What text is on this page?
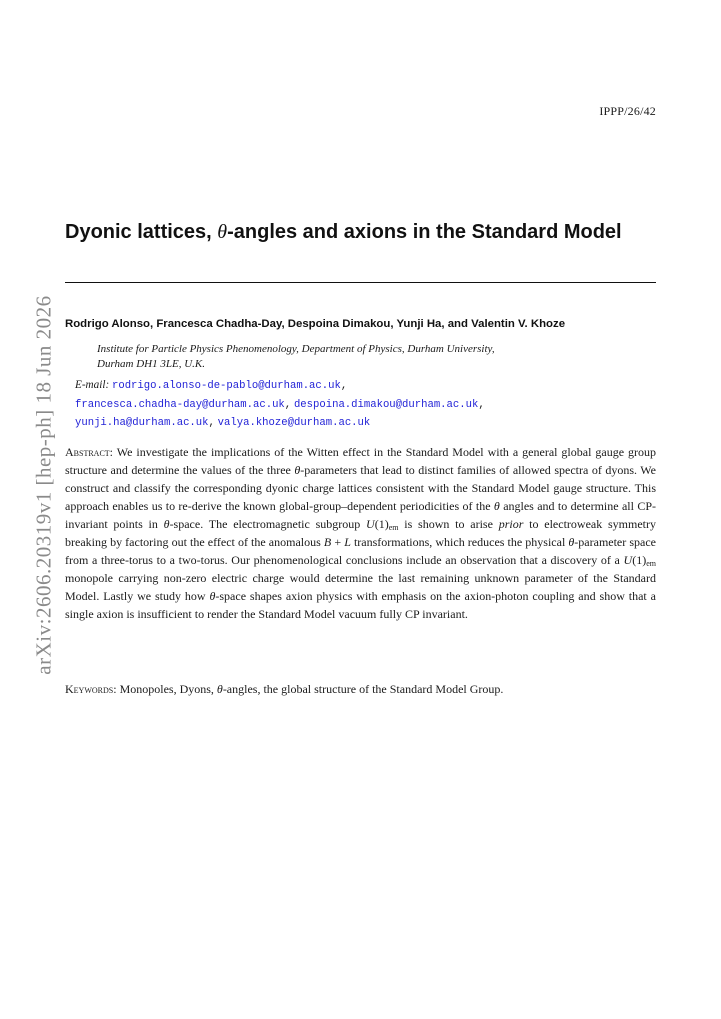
IPPP/26/42
arXiv:2606.20319v1 [hep-ph] 18 Jun 2026
Dyonic lattices, θ-angles and axions in the Standard Model
Rodrigo Alonso, Francesca Chadha-Day, Despoina Dimakou, Yunji Ha, and Valentin V. Khoze
Institute for Particle Physics Phenomenology, Department of Physics, Durham University,
Durham DH1 3LE, U.K.
E-mail: rodrigo.alonso-de-pablo@durham.ac.uk,
francesca.chadha-day@durham.ac.uk, despoina.dimakou@durham.ac.uk,
yunji.ha@durham.ac.uk, valya.khoze@durham.ac.uk
Abstract: We investigate the implications of the Witten effect in the Standard Model with a general global gauge group structure and determine the values of the three θ-parameters that lead to distinct families of allowed spectra of dyons. We construct and classify the corresponding dyonic charge lattices consistent with the Standard Model gauge structure. This approach enables us to re-derive the known global-group–dependent periodicities of the θ angles and to determine all CP-invariant points in θ-space. The electromagnetic subgroup $U(1)_{em}$ is shown to arise prior to electroweak symmetry breaking by factoring out the effect of the anomalous B + L transformations, which reduces the physical θ-parameter space from a three-torus to a two-torus. Our phenomenological conclusions include an observation that a discovery of a $U(1)_{em}$ monopole carrying non-zero electric charge would determine the last remaining unknown parameter of the Standard Model. Lastly we study how θ-space shapes axion physics with emphasis on the axion-photon coupling and show that a single axion is insufficient to render the Standard Model vacuum fully CP invariant.
Keywords: Monopoles, Dyons, θ-angles, the global structure of the Standard Model Group.
